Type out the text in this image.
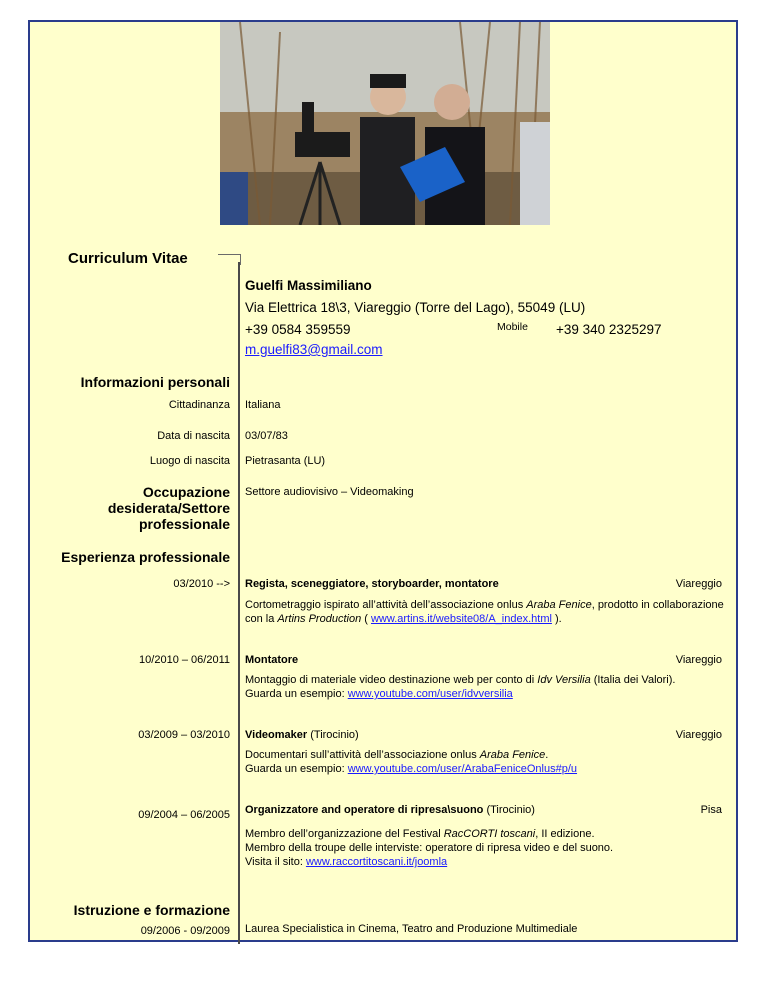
Curriculum Vitae
Guelfi Massimiliano
Via Elettrica 18\3, Viareggio (Torre del Lago), 55049 (LU)
+39 0584 359559	Mobile +39 340 2325297
m.guelfi83@gmail.com
Informazioni personali
Cittadinanza Italiana
Data di nascita 03/07/83
Luogo di nascita Pietrasanta (LU)
Occupazione
desiderata/Settore
professionale
Settore audiovisivo – Videomaking
Esperienza professionale
03/2010 --> Regista, sceneggiatore, storyboarder, montatore	Viareggio
Cortometraggio ispirato all’attività dell’associazione onlus Araba Fenice, prodotto in collaborazione
con la Artins Production ( www.artins.it/website08/A_index.html ).
10/2010 – 06/2011 Montatore	Viareggio
Montaggio di materiale video destinazione web per conto di Idv Versilia (Italia dei Valori).
Guarda un esempio: www.youtube.com/user/idvversilia
03/2009 – 03/2010 Videomaker (Tirocinio)	Viareggio
Documentari sull’attività dell’associazione onlus Araba Fenice.
Guarda un esempio: www.youtube.com/user/ArabaFeniceOnlus#p/u
09/2004 – 06/2005 Organizzatore and operatore di ripresa\suono (Tirocinio)	Pisa
Membro dell’organizzazione del Festival RacCORTI toscani, II edizione.
Membro della troupe delle interviste: operatore di ripresa video e del suono.
Visita il sito: www.raccortitoscani.it/joomla
Istruzione e formazione
09/2006 - 09/2009 Laurea Specialistica in Cinema, Teatro and Produzione Multimediale
